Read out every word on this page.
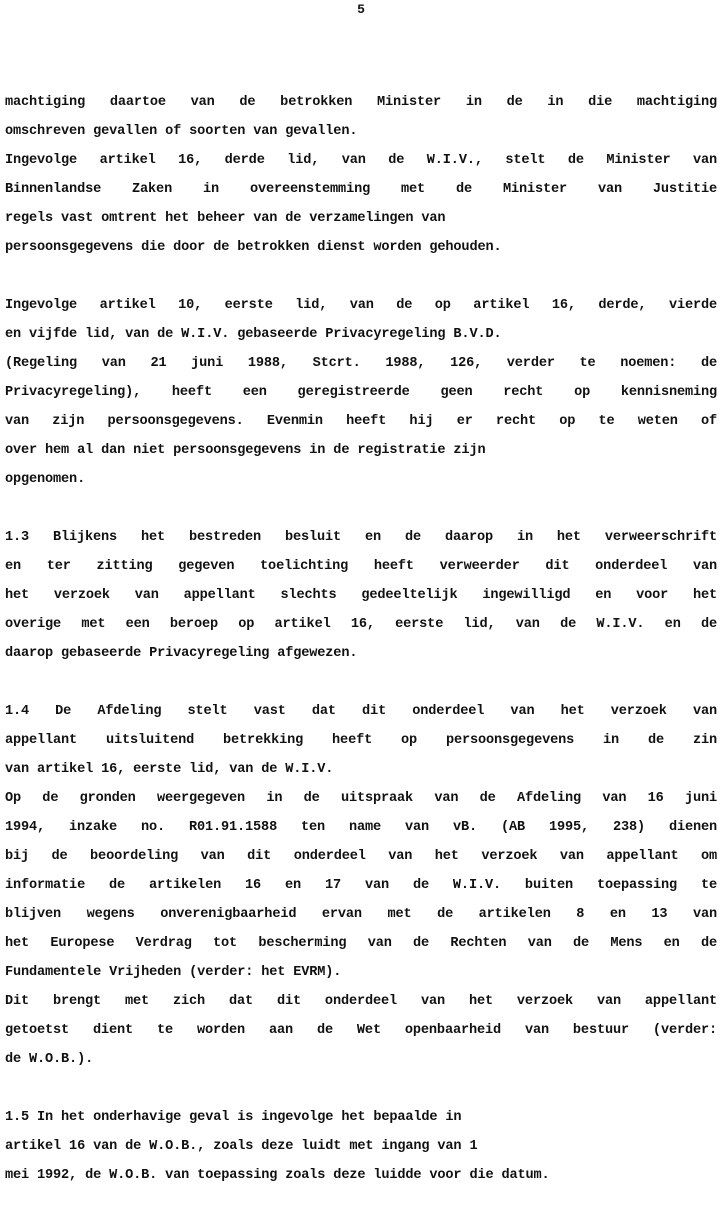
5
machtiging daartoe van de betrokken Minister in de in die machtiging
omschreven gevallen of soorten van gevallen.
Ingevolge artikel 16, derde lid, van de W.I.V., stelt de Minister van
Binnenlandse Zaken in overeenstemming met de Minister van Justitie
regels vast omtrent het beheer van de verzamelingen van
persoonsgegevens die door de betrokken dienst worden gehouden.
Ingevolge artikel 10, eerste lid, van de op artikel 16, derde, vierde
en vijfde lid, van de W.I.V. gebaseerde Privacyregeling B.V.D.
(Regeling van 21 juni 1988, Stcrt. 1988, 126, verder te noemen: de
Privacyregeling), heeft een geregistreerde geen recht op kennisneming
van zijn persoonsgegevens. Evenmin heeft hij er recht op te weten of
over hem al dan niet persoonsgegevens in de registratie zijn
opgenomen.
1.3 Blijkens het bestreden besluit en de daarop in het verweerschrift
en ter zitting gegeven toelichting heeft verweerder dit onderdeel van
het verzoek van appellant slechts gedeeltelijk ingewilligd en voor het
overige met een beroep op artikel 16, eerste lid, van de W.I.V. en de
daarop gebaseerde Privacyregeling afgewezen.
1.4 De Afdeling stelt vast dat dit onderdeel van het verzoek van
appellant uitsluitend betrekking heeft op persoonsgegevens in de zin
van artikel 16, eerste lid, van de W.I.V.
Op de gronden weergegeven in de uitspraak van de Afdeling van 16 juni
1994, inzake no. R01.91.1588 ten name van vB. (AB 1995, 238) dienen
bij de beoordeling van dit onderdeel van het verzoek van appellant om
informatie de artikelen 16 en 17 van de W.I.V. buiten toepassing te
blijven wegens onverenigbaarheid ervan met de artikelen 8 en 13 van
het Europese Verdrag tot bescherming van de Rechten van de Mens en de
Fundamentele Vrijheden (verder: het EVRM).
Dit brengt met zich dat dit onderdeel van het verzoek van appellant
getoetst dient te worden aan de Wet openbaarheid van bestuur (verder:
de W.O.B.).
1.5 In het onderhavige geval is ingevolge het bepaalde in
artikel 16 van de W.O.B., zoals deze luidt met ingang van 1
mei 1992, de W.O.B. van toepassing zoals deze luidde voor die datum.
